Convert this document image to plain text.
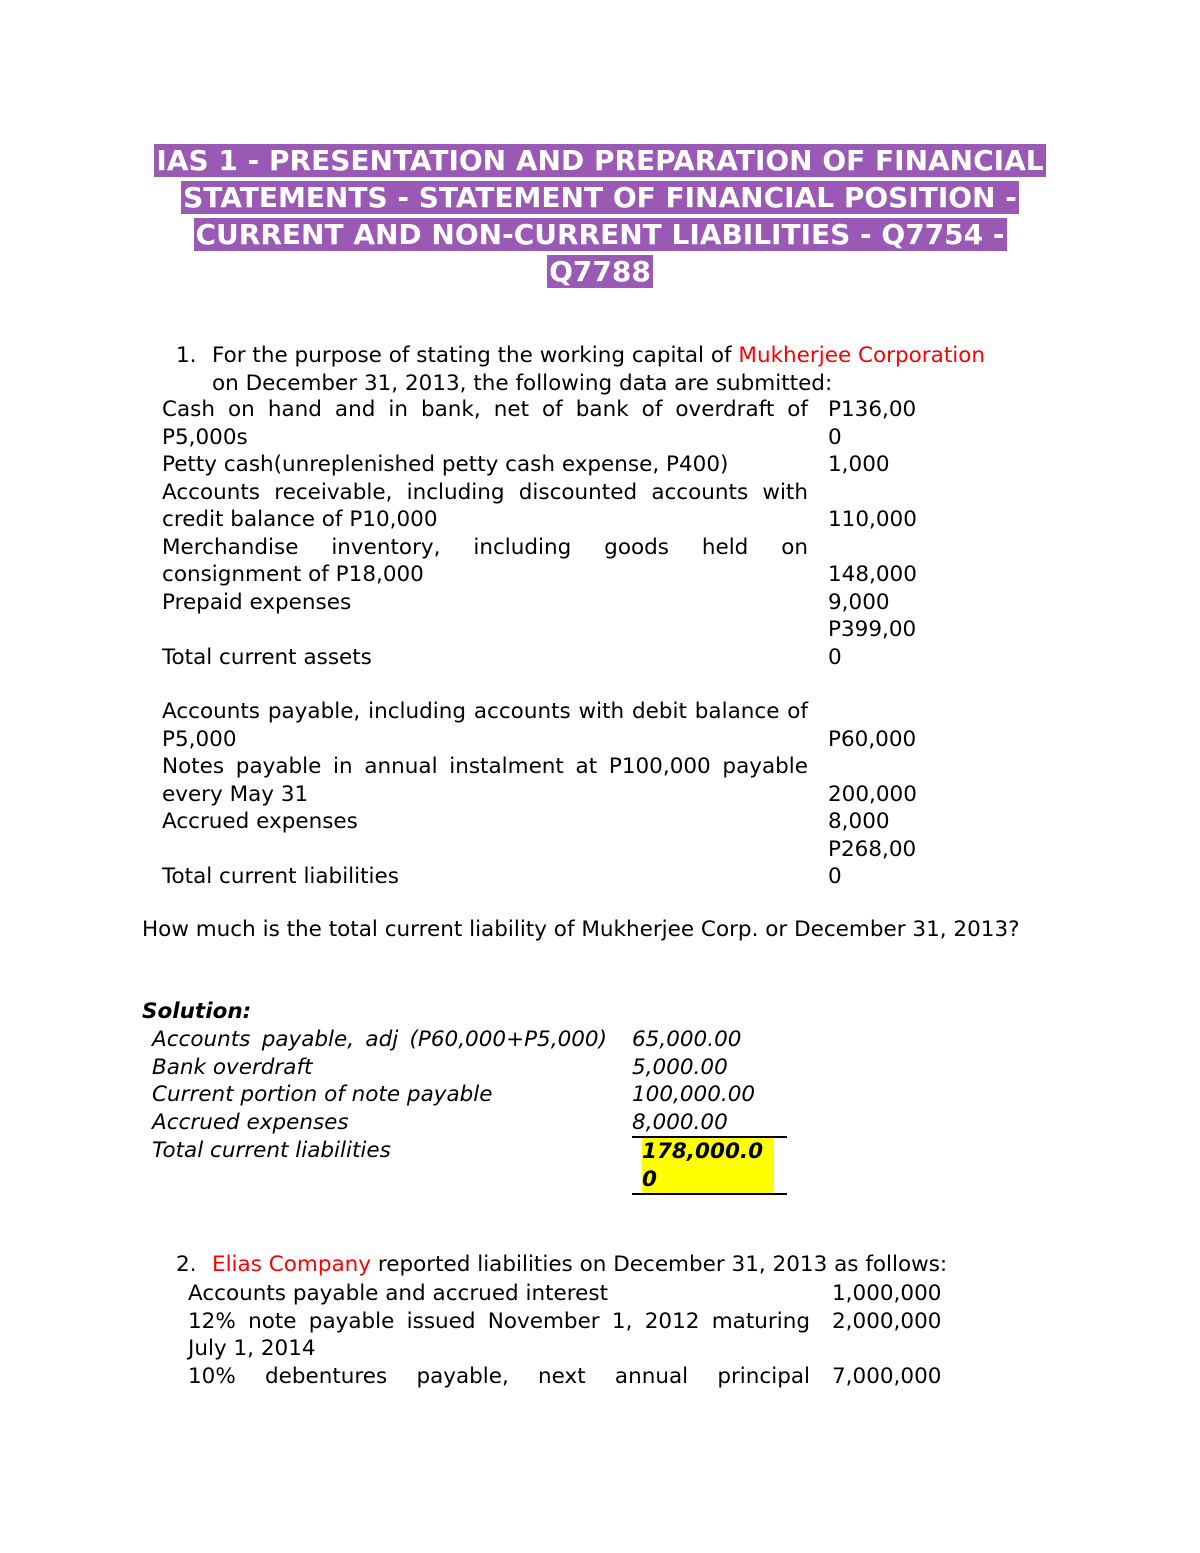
IAS 1 - PRESENTATION AND PREPARATION OF FINANCIAL STATEMENTS - STATEMENT OF FINANCIAL POSITION - CURRENT AND NON-CURRENT LIABILITIES - Q7754 - Q7788
1. For the purpose of stating the working capital of Mukherjee Corporation
on December 31, 2013, the following data are submitted:
Cash on hand and in bank, net of bank of overdraft of P5,000s		P136,000
Petty cash(unreplenished petty cash expense, P400)		1,000
Accounts receivable, including discounted accounts with credit balance of P10,000		110,000
Merchandise inventory, including goods held on consignment of P18,000		148,000
Prepaid expenses		9,000
Total current assets		P399,000

Accounts payable, including accounts with debit balance of P5,000		P60,000
Notes payable in annual instalment at P100,000 payable every May 31		200,000
Accrued expenses		8,000
Total current liabilities		P268,000
How much is the total current liability of Mukherjee Corp. or December 31, 2013?
Solution:
Accounts payable, adj (P60,000+P5,000)		65,000.00
Bank overdraft		5,000.00
Current portion of note payable		100,000.00
Accrued expenses		8,000.00
Total current liabilities		178,000.00
2. Elias Company reported liabilities on December 31, 2013 as follows:
Accounts payable and accrued interest		1,000,000
12% note payable issued November 1, 2012 maturing July 1, 2014		2,000,000
10% debentures payable, next annual principal		7,000,000
